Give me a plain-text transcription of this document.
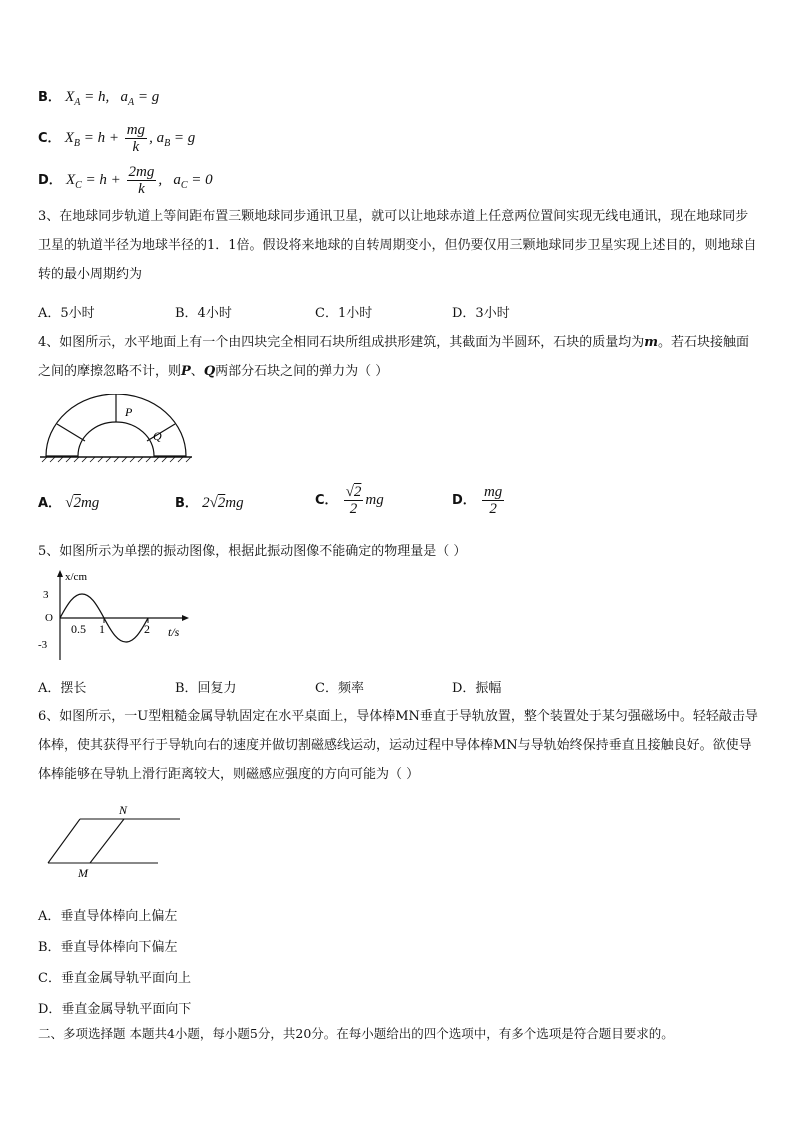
B． $X_A = h$,   $a_A = g$
C． $X_B = h + \frac{mg}{k}$ , $a_B = g$
D． $X_C = h + \frac{2mg}{k}$ ,   $a_C = 0$
3、在地球同步轨道上等间距布置三颗地球同步通讯卫星，就可以让地球赤道上任意两位置间实现无线电通讯，现在地球同步卫星的轨道半径为地球半径的1．1倍。假设将来地球的自转周期变小，但仍要仅用三颗地球同步卫星实现上述目的，则地球自转的最小周期约为
A．5小时	B．4小时	C．1小时	D．3小时
4、如图所示，水平地面上有一个由四块完全相同石块所组成拱形建筑，其截面为半圆环，石块的质量均为m。若石块接触面之间的摩擦忽略不计，则P、Q两部分石块之间的弹力为（ ）
P
Q
A． √2mg	B． 2√2mg	C． $\frac{√2}{2}$ mg	D． $\frac{mg}{2}$
5、如图所示为单摆的振动图像，根据此振动图像不能确定的物理量是（ ）
x/cm
t/s
3
O
-3
0.5 1	2
A．摆长	B．回复力	C．频率	D．振幅
6、如图所示，一U型粗糙金属导轨固定在水平桌面上，导体棒MN垂直于导轨放置，整个装置处于某匀强磁场中。轻轻敲击导体棒，使其获得平行于导轨向右的速度并做切割磁感线运动，运动过程中导体棒MN与导轨始终保持垂直且接触良好。欲使导体棒能够在导轨上滑行距离较大，则磁感应强度的方向可能为（ ）
N
M
A．垂直导体棒向上偏左
B．垂直导体棒向下偏左
C．垂直金属导轨平面向上
D．垂直金属导轨平面向下
二、多项选择题 本题共4小题，每小题5分，共20分。在每小题给出的四个选项中，有多个选项是符合题目要求的。
